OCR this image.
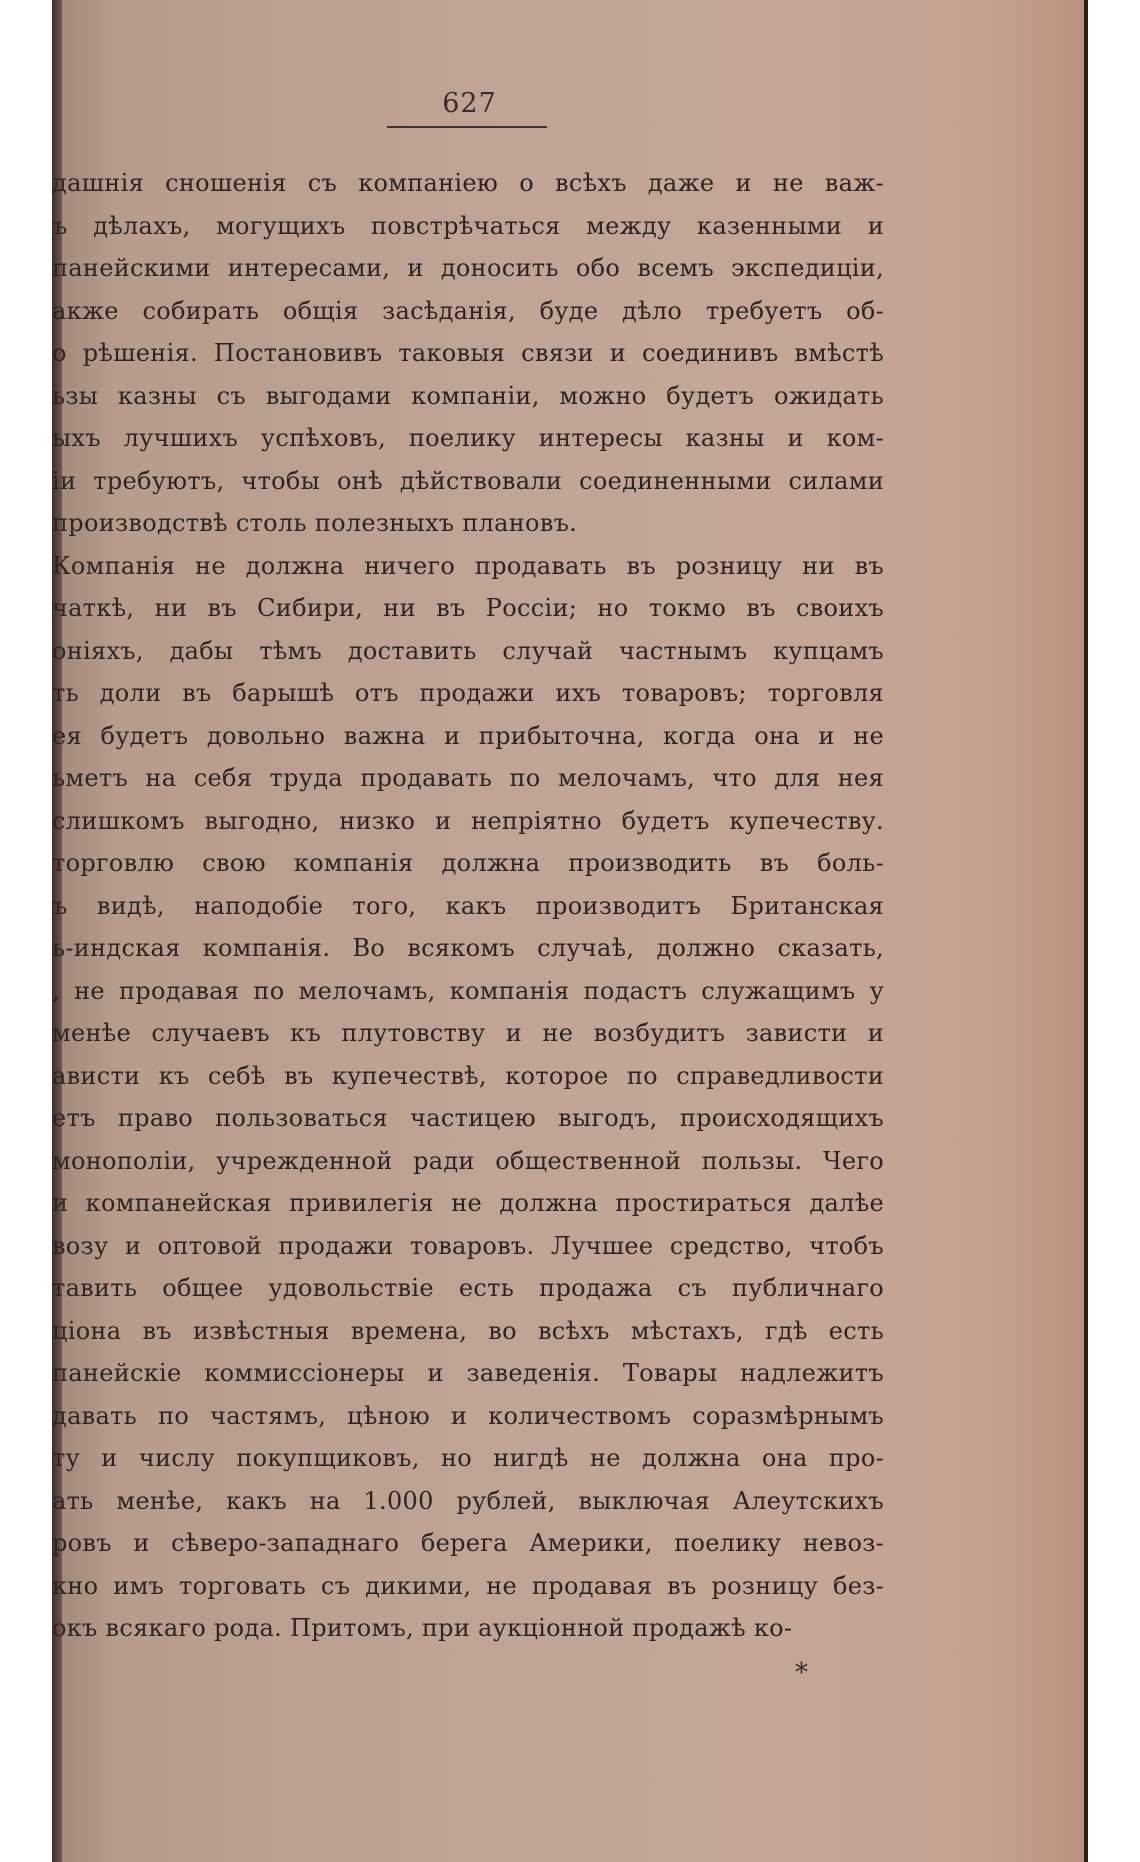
627
дашнія сношенія съ компаніею о всѣхъ даже и не важ-
ъ дѣлахъ, могущихъ повстрѣчаться между казенными и
панейскими интересами, и доносить обо всемъ экспедиціи,
акже собирать общія засѣданія, буде дѣло требуетъ об-
о рѣшенія. Постановивъ таковыя связи и соединивъ вмѣстѣ
ьзы казны съ выгодами компаніи, можно будетъ ожидать
ыхъ лучшихъ успѣховъ, поелику интересы казны и ком-
іи требуютъ, чтобы онѣ дѣйствовали соединенными силами
производствѣ столь полезныхъ плановъ.
Компанія не должна ничего продавать въ розницу ни въ
чаткѣ, ни въ Сибири, ни въ Россіи; но токмо въ своихъ
оніяхъ, дабы тѣмъ доставить случай частнымъ купцамъ
ть доли въ барышѣ отъ продажи ихъ товаровъ; торговля
ея будетъ довольно важна и прибыточна, когда она и не
ьметъ на себя труда продавать по мелочамъ, что для нея
слишкомъ выгодно, низко и непріятно будетъ купечеству.
торговлю свою компанія должна производить въ боль-
ъ видѣ, наподобіе того, какъ производитъ Британская
ь-индская компанія. Во всякомъ случаѣ, должно сказать,
, не продавая по мелочамъ, компанія подастъ служащимъ у
менѣе случаевъ къ плутовству и не возбудитъ зависти и
ависти къ себѣ въ купечествѣ, которое по справедливости
етъ право пользоваться частицею выгодъ, происходящихъ
монополіи, учрежденной ради общественной пользы. Чего
и компанейская привилегія не должна простираться далѣе
возу и оптовой продажи товаровъ. Лучшее средство, чтобъ
тавить общее удовольствіе есть продажа съ публичнаго
ціона въ извѣстныя времена, во всѣхъ мѣстахъ, гдѣ есть
панейскіе коммиссіонеры и заведенія. Товары надлежитъ
давать по частямъ, цѣною и количествомъ соразмѣрнымъ
ту и числу покупщиковъ, но нигдѣ не должна она про-
ать менѣе, какъ на 1.000 рублей, выключая Алеутскихъ
ровъ и сѣверо-западнаго берега Америки, поелику невоз-
кно имъ торговать съ дикими, не продавая въ розницу без-
окъ всякаго рода. Притомъ, при аукціонной продажѣ ко-
*
